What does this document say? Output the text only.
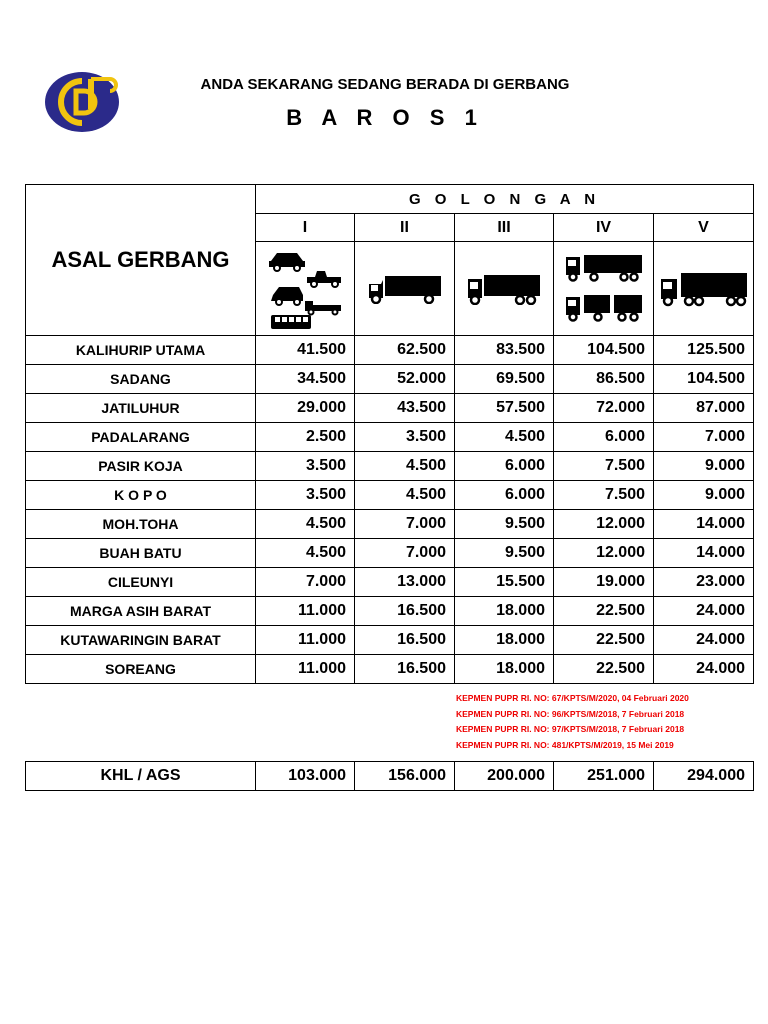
ANDA SEKARANG SEDANG BERADA DI GERBANG
B A R O S 1
ASAL GERBANG	G O L O N G A N				
	I	II	III	IV	V

KALIHURIP UTAMA	41.500	62.500	83.500	104.500	125.500
SADANG	34.500	52.000	69.500	86.500	104.500
JATILUHUR	29.000	43.500	57.500	72.000	87.000
PADALARANG	2.500	3.500	4.500	6.000	7.000
PASIR KOJA	3.500	4.500	6.000	7.500	9.000
K O P O	3.500	4.500	6.000	7.500	9.000
MOH.TOHA	4.500	7.000	9.500	12.000	14.000
BUAH BATU	4.500	7.000	9.500	12.000	14.000
CILEUNYI	7.000	13.000	15.500	19.000	23.000
MARGA ASIH BARAT	11.000	16.500	18.000	22.500	24.000
KUTAWARINGIN BARAT	11.000	16.500	18.000	22.500	24.000
SOREANG	11.000	16.500	18.000	22.500	24.000
KEPMEN PUPR RI. NO: 67/KPTS/M/2020, 04 Februari 2020
KEPMEN PUPR RI. NO: 96/KPTS/M/2018, 7 Februari 2018
KEPMEN PUPR RI. NO: 97/KPTS/M/2018, 7 Februari 2018
KEPMEN PUPR RI. NO: 481/KPTS/M/2019, 15 Mei 2019
KHL / AGS	103.000	156.000	200.000	251.000	294.000
